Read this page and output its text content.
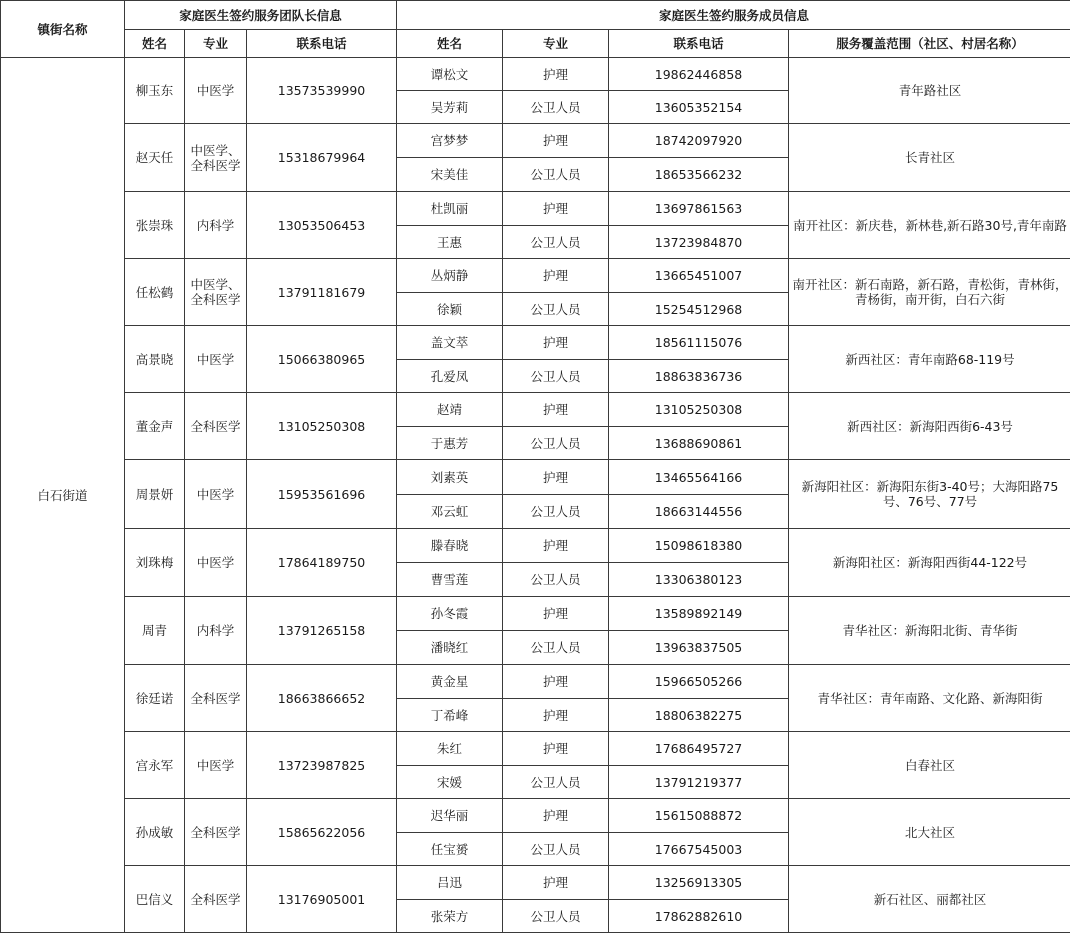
镇街名称	家庭医生签约服务团队长信息			家庭医生签约服务成员信息			
	姓名	专业	联系电话	姓名	专业	联系电话	服务覆盖范围（社区、村居名称）
白石街道	柳玉东	中医学	13573539990	谭松文	护理	19862446858	青年路社区
				吴芳莉	公卫人员	13605352154	
	赵天任	中医学、全科医学	15318679964	宫梦梦	护理	18742097920	长青社区
				宋美佳	公卫人员	18653566232	
	张崇珠	内科学	13053506453	杜凯丽	护理	13697861563	南开社区：新庆巷，新林巷,新石路30号,青年南路
				王惠	公卫人员	13723984870	
	任松鹤	中医学、全科医学	13791181679	丛炳静	护理	13665451007	南开社区：新石南路，新石路，青松街，青林街，青杨街，南开街，白石六街
				徐颖	公卫人员	15254512968	
	高景晓	中医学	15066380965	盖文萃	护理	18561115076	新西社区：青年南路68-119号
				孔爱凤	公卫人员	18863836736	
	董金声	全科医学	13105250308	赵靖	护理	13105250308	新西社区：新海阳西街6-43号
				于惠芳	公卫人员	13688690861	
	周景妍	中医学	15953561696	刘素英	护理	13465564166	新海阳社区：新海阳东街3-40号；大海阳路75号、76号、77号
				邓云虹	公卫人员	18663144556	
	刘珠梅	中医学	17864189750	滕春晓	护理	15098618380	新海阳社区：新海阳西街44-122号
				曹雪莲	公卫人员	13306380123	
	周青	内科学	13791265158	孙冬霞	护理	13589892149	青华社区：新海阳北街、青华街
				潘晓红	公卫人员	13963837505	
	徐廷诺	全科医学	18663866652	黄金星	护理	15966505266	青华社区：青年南路、文化路、新海阳街
				丁希峰	护理	18806382275	
	宫永军	中医学	13723987825	朱红	护理	17686495727	白春社区
				宋媛	公卫人员	13791219377	
	孙成敏	全科医学	15865622056	迟华丽	护理	15615088872	北大社区
				任宝赟	公卫人员	17667545003	
	巴信义	全科医学	13176905001	吕迅	护理	13256913305	新石社区、丽都社区
				张荣方	公卫人员	17862882610	
